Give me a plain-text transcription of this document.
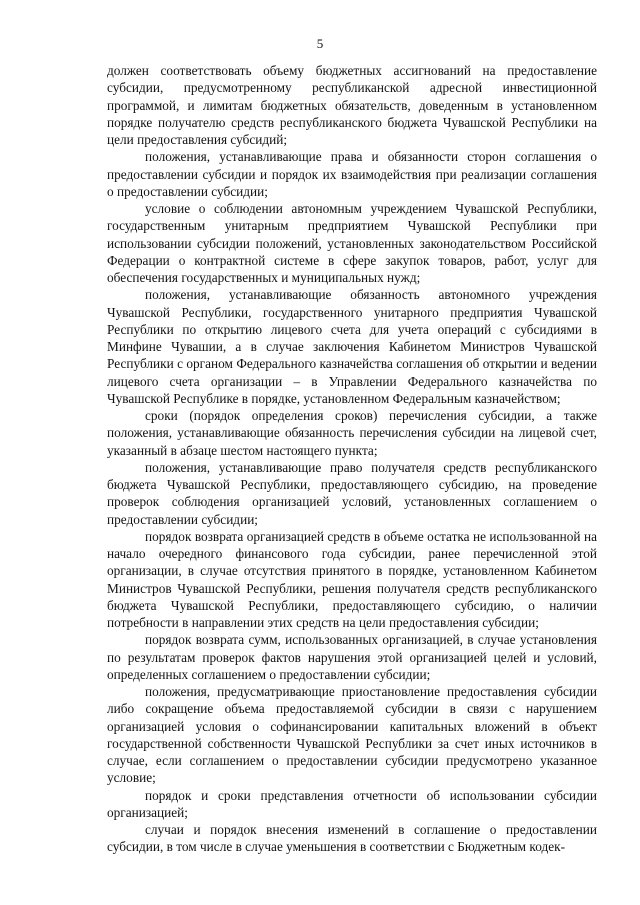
5

должен соответствовать объему бюджетных ассигнований на предоставление субсидии, предусмотренному республиканской адресной инвестиционной программой, и лимитам бюджетных обязательств, доведенным в установленном порядке получателю средств республиканского бюджета Чувашской Республики на цели предоставления субсидий;

положения, устанавливающие права и обязанности сторон соглашения о предоставлении субсидии и порядок их взаимодействия при реализации соглашения о предоставлении субсидии;

условие о соблюдении автономным учреждением Чувашской Республики, государственным унитарным предприятием Чувашской Республики при использовании субсидии положений, установленных законодательством Российской Федерации о контрактной системе в сфере закупок товаров, работ, услуг для обеспечения государственных и муниципальных нужд;

положения, устанавливающие обязанность автономного учреждения Чувашской Республики, государственного унитарного предприятия Чувашской Республики по открытию лицевого счета для учета операций с субсидиями в Минфине Чувашии, а в случае заключения Кабинетом Министров Чувашской Республики с органом Федерального казначейства соглашения об открытии и ведении лицевого счета организации – в Управлении Федерального казначейства по Чувашской Республике в порядке, установленном Федеральным казначейством;

сроки (порядок определения сроков) перечисления субсидии, а также положения, устанавливающие обязанность перечисления субсидии на лицевой счет, указанный в абзаце шестом настоящего пункта;

положения, устанавливающие право получателя средств республиканского бюджета Чувашской Республики, предоставляющего субсидию, на проведение проверок соблюдения организацией условий, установленных соглашением о предоставлении субсидии;

порядок возврата организацией средств в объеме остатка не использованной на начало очередного финансового года субсидии, ранее перечисленной этой организации, в случае отсутствия принятого в порядке, установленном Кабинетом Министров Чувашской Республики, решения получателя средств республиканского бюджета Чувашской Республики, предоставляющего субсидию, о наличии потребности в направлении этих средств на цели предоставления субсидии;

порядок возврата сумм, использованных организацией, в случае установления по результатам проверок фактов нарушения этой организацией целей и условий, определенных соглашением о предоставлении субсидии;

положения, предусматривающие приостановление предоставления субсидии либо сокращение объема предоставляемой субсидии в связи с нарушением организацией условия о софинансировании капитальных вложений в объект государственной собственности Чувашской Республики за счет иных источников в случае, если соглашением о предоставлении субсидии предусмотрено указанное условие;

порядок и сроки представления отчетности об использовании субсидии организацией;

случаи и порядок внесения изменений в соглашение о предоставлении субсидии, в том числе в случае уменьшения в соответствии с Бюджетным кодек-
